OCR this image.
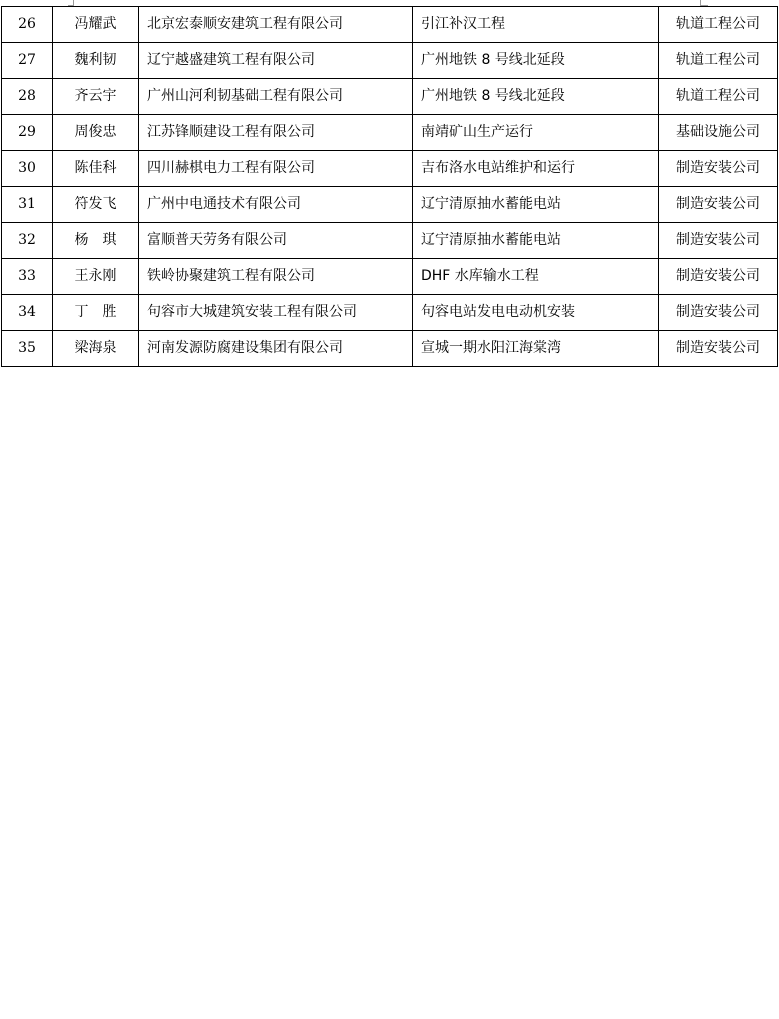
26	冯耀武	北京宏泰顺安建筑工程有限公司	引江补汉工程	轨道工程公司
27	魏利韧	辽宁越盛建筑工程有限公司	广州地铁 8 号线北延段	轨道工程公司
28	齐云宇	广州山河利韧基础工程有限公司	广州地铁 8 号线北延段	轨道工程公司
29	周俊忠	江苏锋顺建设工程有限公司	南靖矿山生产运行	基础设施公司
30	陈佳科	四川赫棋电力工程有限公司	吉布洛水电站维护和运行	制造安装公司
31	符发飞	广州中电通技术有限公司	辽宁清原抽水蓄能电站	制造安装公司
32	杨　琪	富顺普天劳务有限公司	辽宁清原抽水蓄能电站	制造安装公司
33	王永刚	铁岭协聚建筑工程有限公司	DHF 水库输水工程	制造安装公司
34	丁　胜	句容市大城建筑安装工程有限公司	句容电站发电电动机安装	制造安装公司
35	梁海泉	河南发源防腐建设集团有限公司	宣城一期水阳江海棠湾	制造安装公司
